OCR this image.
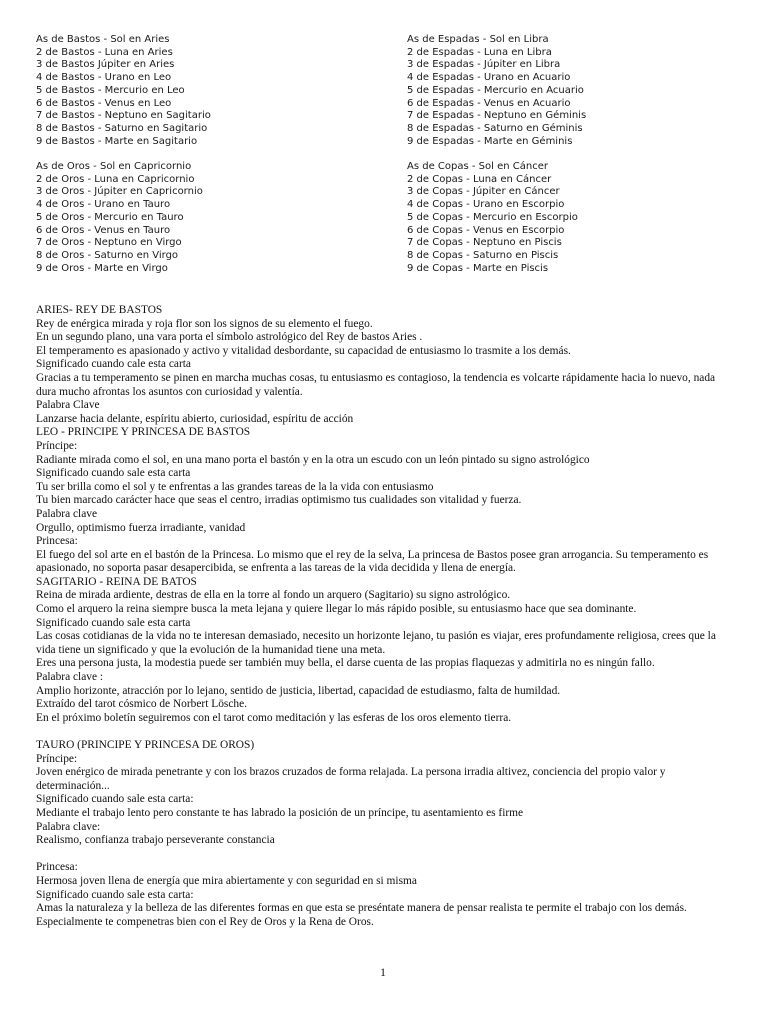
As de Bastos - Sol en Aries
2 de Bastos - Luna en Aries
3 de Bastos Júpiter en Aries
4 de Bastos - Urano en Leo
5 de Bastos - Mercurio en Leo
6 de Bastos - Venus en Leo
7 de Bastos - Neptuno en Sagitario
8 de Bastos - Saturno en Sagitario
9 de Bastos - Marte en Sagitario
As de Oros - Sol en Capricornio
2 de Oros - Luna en Capricornio
3 de Oros - Júpiter en Capricornio
4 de Oros - Urano en Tauro
5 de Oros - Mercurio en Tauro
6 de Oros - Venus en Tauro
7 de Oros - Neptuno en Virgo
8 de Oros - Saturno en Virgo
9 de Oros - Marte en Virgo
As de Espadas - Sol en Libra
2 de Espadas - Luna en Libra
3 de Espadas - Júpiter en Libra
4 de Espadas - Urano en Acuario
5 de Espadas - Mercurio en Acuario
6 de Espadas - Venus en Acuario
7 de Espadas - Neptuno en Géminis
8 de Espadas - Saturno en Géminis
9 de Espadas - Marte en Géminis
As de Copas - Sol en Cáncer
2 de Copas - Luna en Cáncer
3 de Copas - Júpiter en Cáncer
4 de Copas - Urano en Escorpio
5 de Copas - Mercurio en Escorpio
6 de Copas - Venus en Escorpio
7 de Copas - Neptuno en Piscis
8 de Copas - Saturno en Piscis
9 de Copas - Marte en Piscis
ARIES- REY DE BASTOS
Rey de enérgica mirada y roja flor son los signos de su elemento el fuego.
En un segundo plano, una vara porta el símbolo astrológico del Rey de bastos Aries .
El temperamento es apasionado y activo y vitalidad desbordante, su capacidad de entusiasmo lo trasmite a los demás.
Significado cuando cale esta carta
Gracias a tu temperamento se pinen en marcha muchas cosas, tu entusiasmo es contagioso, la tendencia es volcarte rápidamente hacia lo nuevo, nada dura mucho afrontas los asuntos con curiosidad y valentía.
Palabra Clave
Lanzarse hacia delante, espíritu abierto, curiosidad, espíritu de acción
LEO - PRINCIPE Y PRINCESA DE BASTOS
Príncipe:
Radiante mirada como el sol, en una mano porta el bastón y en la otra un escudo con un león pintado su signo astrológico
Significado cuando sale esta carta
Tu ser brilla como el sol y te enfrentas a las grandes tareas de la la vida con entusiasmo
Tu bien marcado carácter hace que seas el centro, irradias optimismo tus cualidades son vitalidad y fuerza.
Palabra clave
Orgullo, optimismo fuerza irradiante, vanidad
Princesa:
El fuego del sol arte en el bastón de la Princesa. Lo mismo que el rey de la selva, La princesa de Bastos posee gran arrogancia. Su temperamento es apasionado, no soporta pasar desapercibida, se enfrenta a las tareas de la vida decidida y llena de energía.
SAGITARIO - REINA DE BATOS
Reina de mirada ardiente, destras de ella en la torre al fondo un arquero (Sagitario) su signo astrológico.
Como el arquero la reina siempre busca la meta lejana y quiere llegar lo más rápido posible, su entusiasmo hace que sea dominante.
Significado cuando sale esta carta
Las cosas cotidianas de la vida no te interesan demasiado, necesito un horizonte lejano, tu pasión es viajar, eres profundamente religiosa, crees que la vida tiene un significado y que la evolución de la humanidad tiene una meta.
Eres una persona justa, la modestia puede ser también muy bella, el darse cuenta de las propias flaquezas y admitirla no es ningún fallo.
Palabra clave :
Amplio horizonte, atracción por lo lejano, sentido de justicia, libertad, capacidad de estudiasmo, falta de humildad.
Extraído del tarot cósmico de Norbert Lösche.
En el próximo boletín seguiremos con el tarot como meditación y las esferas de los oros elemento tierra.
TAURO (PRINCIPE Y PRINCESA DE OROS)
Príncipe:
Joven enérgico de mirada penetrante y con los brazos cruzados de forma relajada. La persona irradia altivez, conciencia del propio valor y determinación...
Significado cuando sale esta carta:
Mediante el trabajo lento pero constante te has labrado la posición de un príncipe, tu asentamiento es firme
Palabra clave:
Realismo, confianza trabajo perseverante constancia
Princesa:
Hermosa joven llena de energía que mira abiertamente y con seguridad en si misma
Significado cuando sale esta carta:
Amas la naturaleza y la belleza de las diferentes formas en que esta se preséntate manera de pensar realista te permite el trabajo con los demás. Especialmente te compenetras bien con el Rey de Oros y la Rena de Oros.
1
